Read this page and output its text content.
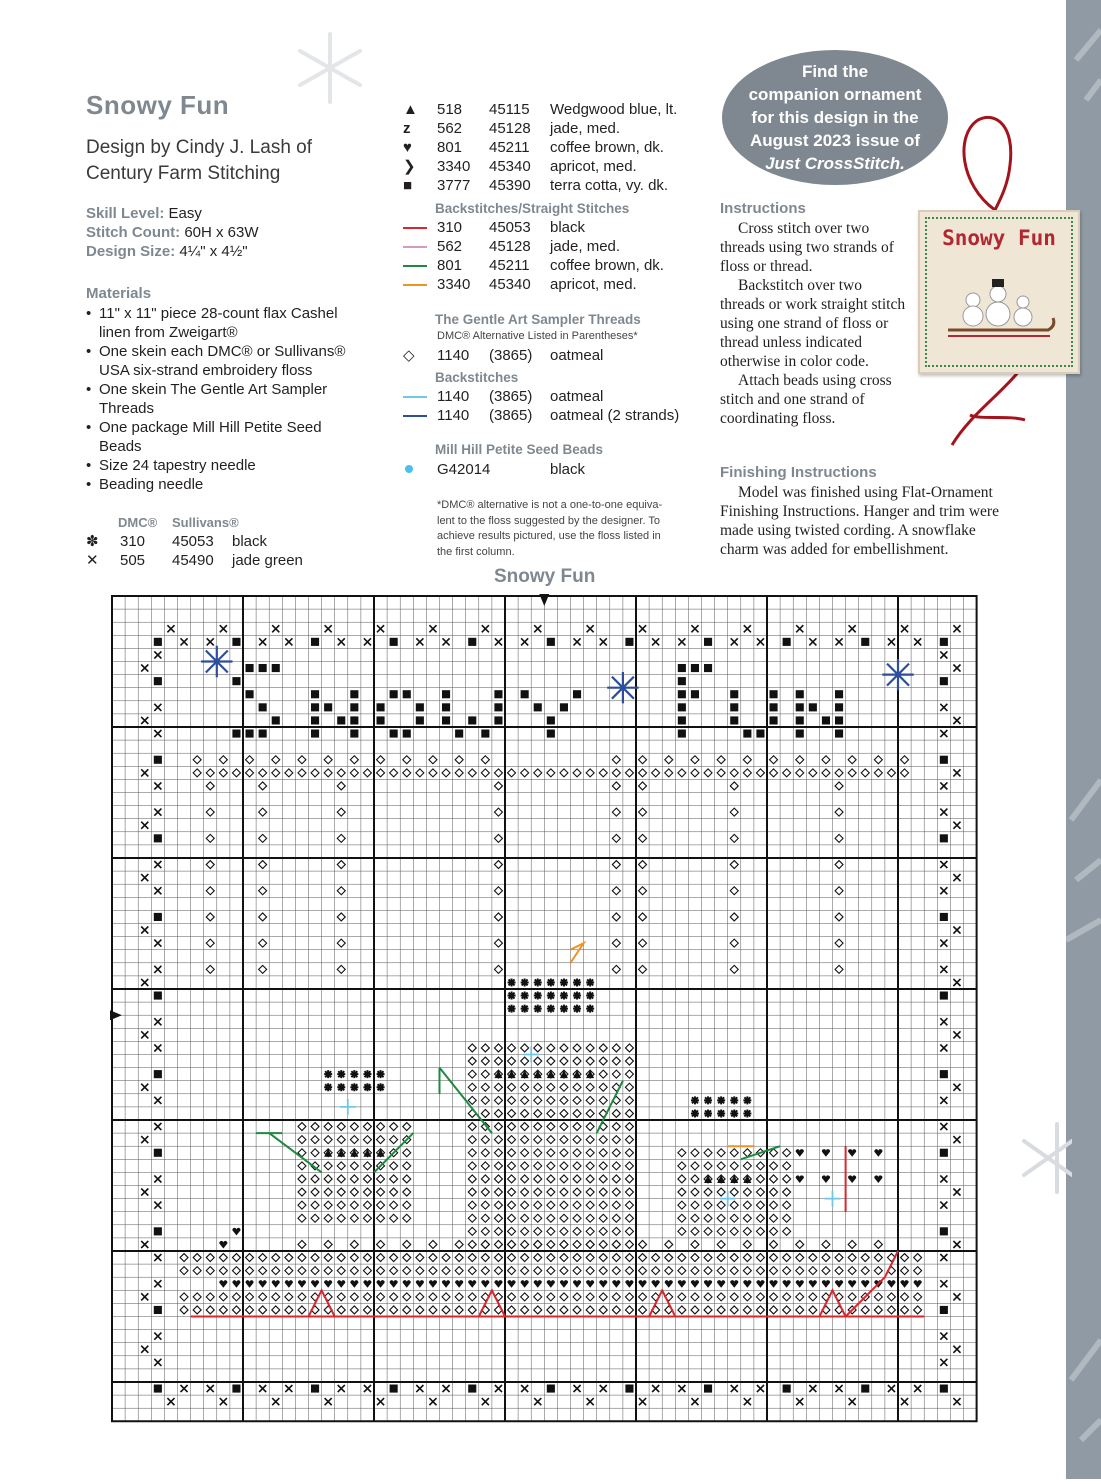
Snowy Fun
Design by Cindy J. Lash of
Century Farm Stitching
Skill Level: Easy
Stitch Count: 60H x 63W
Design Size: 4¼" x 4½"
Materials
• 11" x 11" piece 28-count flax Cashel linen from Zweigart®
• One skein each DMC® or Sullivans® USA six-strand embroidery floss
• One skein The Gentle Art Sampler Threads
• One package Mill Hill Petite Seed Beads
• Size 24 tapestry needle
• Beading needle
DMC® Sullivans®
✽ 310 45053 black
✕ 505 45490 jade green
▲ 518 45115 Wedgwood blue, lt.
z 562 45128 jade, med.
♥ 801 45211 coffee brown, dk.
❯ 3340 45340 apricot, med.
■ 3777 45390 terra cotta, vy. dk.
Backstitches/Straight Stitches
310 45053 black
562 45128 jade, med.
801 45211 coffee brown, dk.
3340 45340 apricot, med.
The Gentle Art Sampler Threads
DMC® Alternative Listed in Parentheses*
◇ 1140 (3865) oatmeal
Backstitches
1140 (3865) oatmeal
1140 (3865) oatmeal (2 strands)
Mill Hill Petite Seed Beads
G42014	black
*DMC® alternative is not a one-to-one equiva-
lent to the floss suggested by the designer. To
achieve results pictured, use the floss listed in
the first column.
Find the
companion ornament
for this design in the
August 2023 issue of
Just CrossStitch.
Snowy Fun
Instructions

Cross stitch over two threads using two strands of floss or thread.

Backstitch over two threads or work straight stitch using one strand of floss or thread unless indicated otherwise in color code.

Attach beads using cross stitch and one strand of coordinating floss.

Finishing Instructions

Model was finished using Flat-Ornament Finishing Instructions. Hanger and trim were made using twisted cording. A snowflake charm was added for embellishment.

Snowy Fun
